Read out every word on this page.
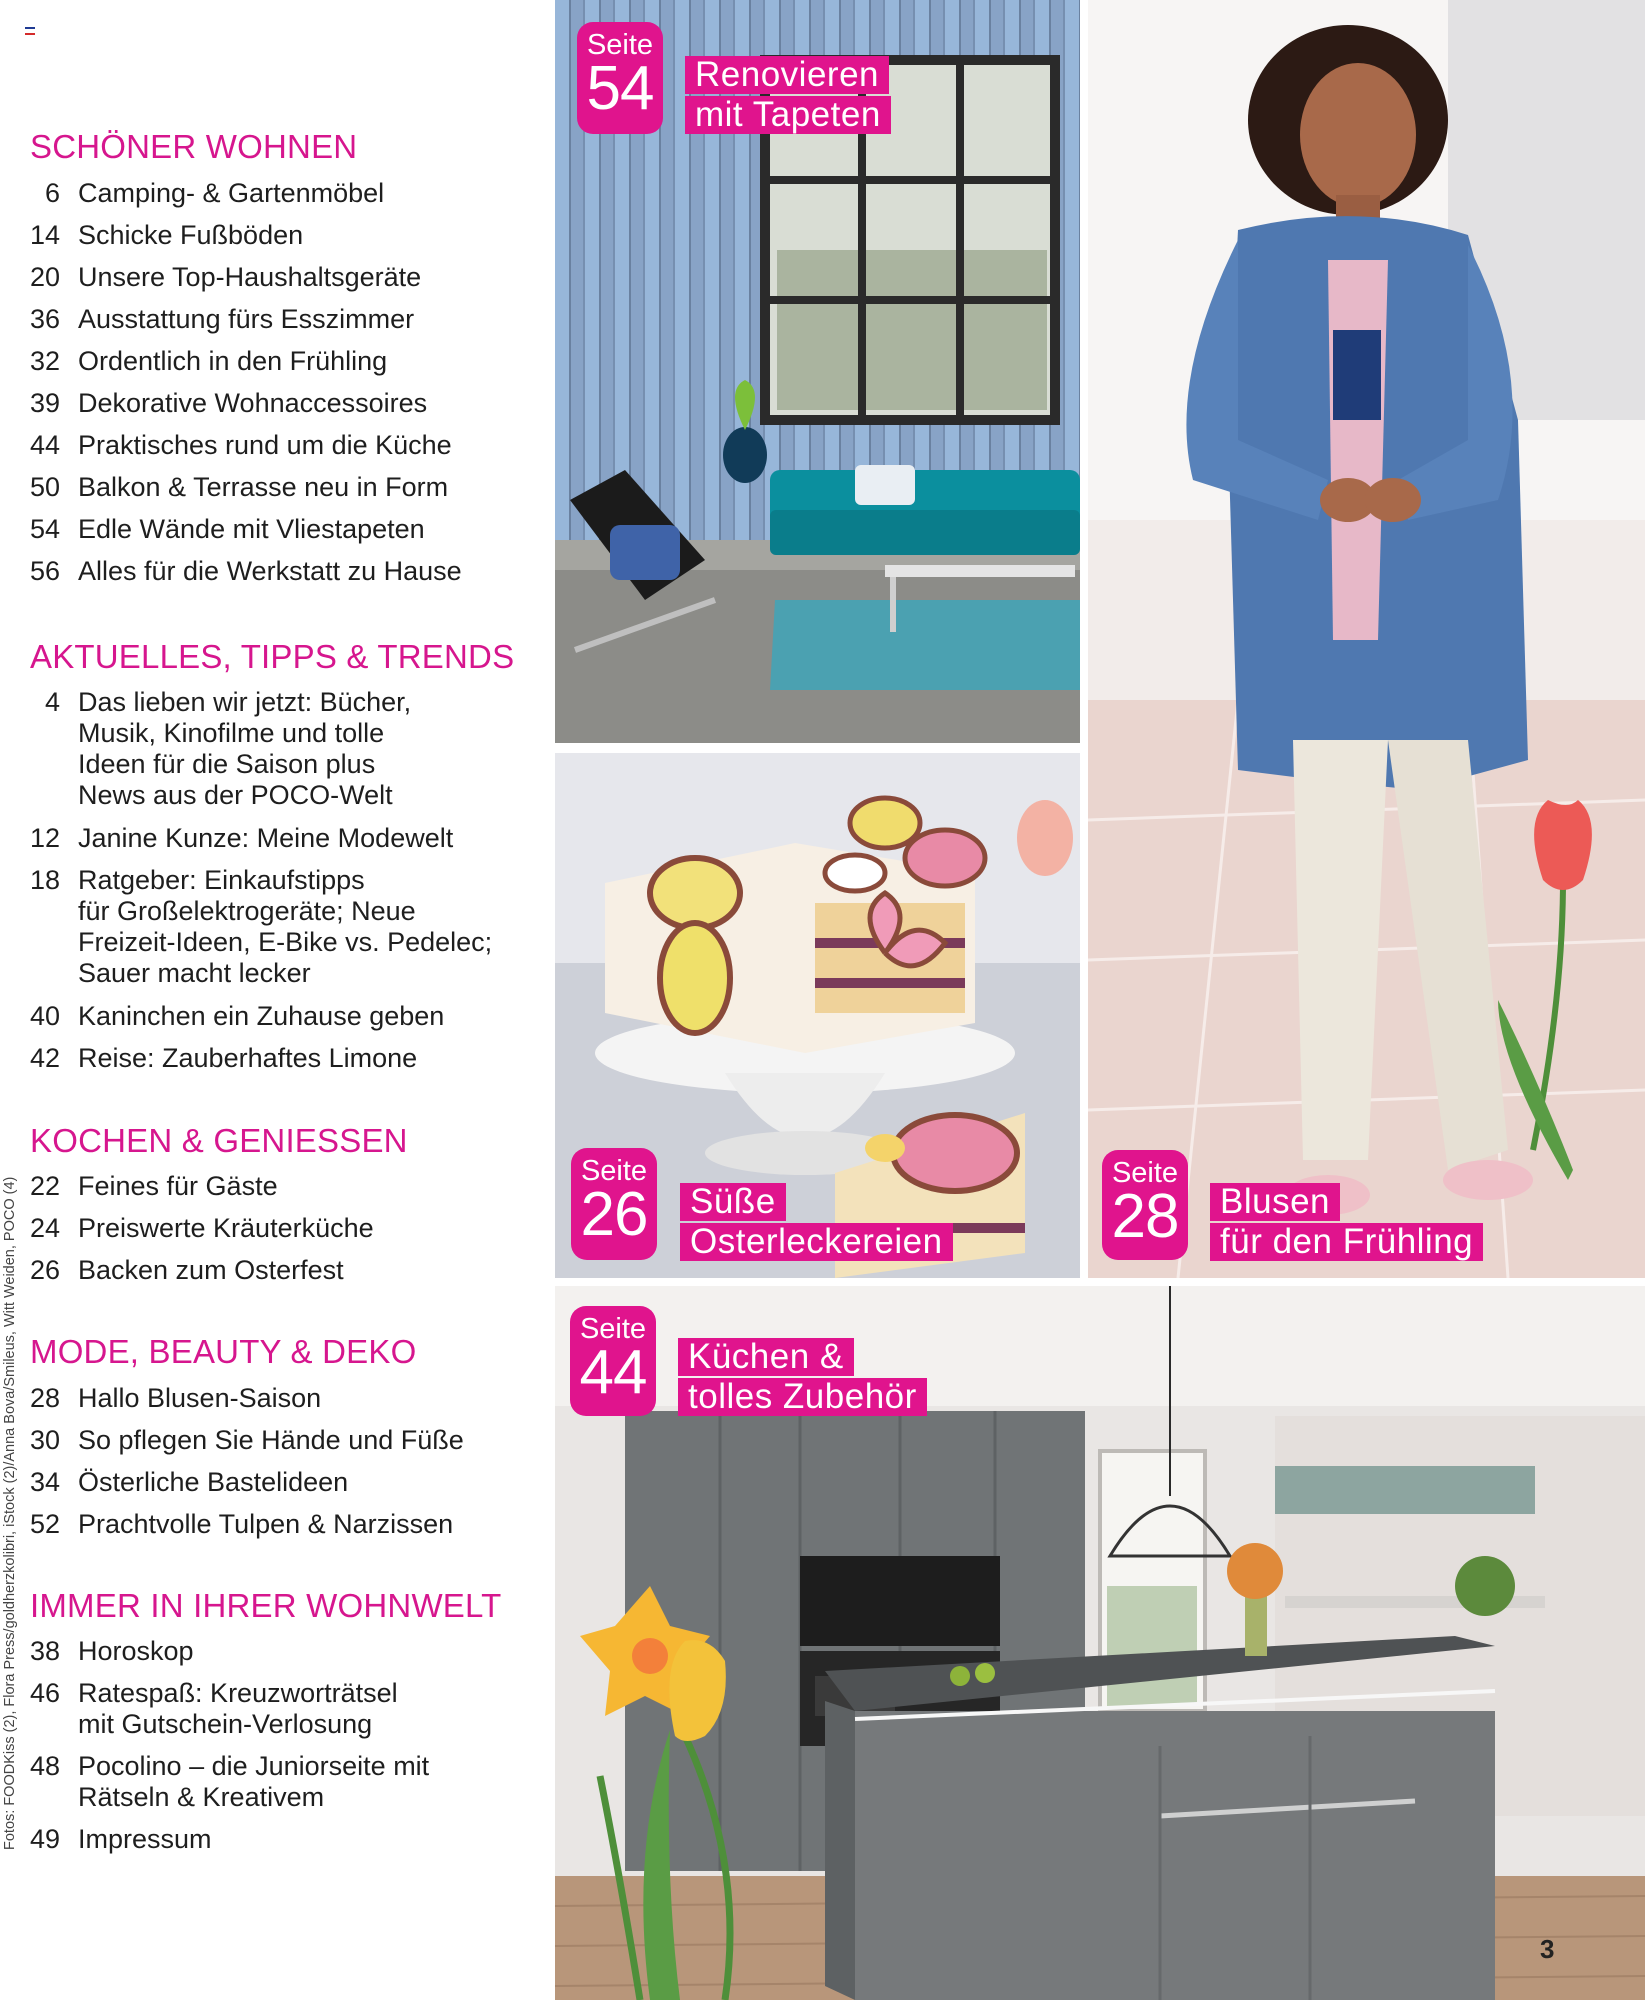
SCHÖNER WOHNEN
6 Camping- & Gartenmöbel
14 Schicke Fußböden
20 Unsere Top-Haushaltsgeräte
36 Ausstattung fürs Esszimmer
32 Ordentlich in den Frühling
39 Dekorative Wohnaccessoires
44 Praktisches rund um die Küche
50 Balkon & Terrasse neu in Form
54 Edle Wände mit Vliestapeten
56 Alles für die Werkstatt zu Hause
AKTUELLES, TIPPS & TRENDS
4 Das lieben wir jetzt: Bücher,
Musik, Kinofilme und tolle
Ideen für die Saison plus
News aus der POCO-Welt
12 Janine Kunze: Meine Modewelt
18 Ratgeber: Einkaufstipps
für Großelektrogeräte; Neue
Freizeit-Ideen, E-Bike vs. Pedelec;
Sauer macht lecker
40 Kaninchen ein Zuhause geben
42 Reise: Zauberhaftes Limone
KOCHEN & GENIESSEN
22 Feines für Gäste
24 Preiswerte Kräuterküche
26 Backen zum Osterfest
MODE, BEAUTY & DEKO
28 Hallo Blusen-Saison
30 So pflegen Sie Hände und Füße
34 Österliche Bastelideen
52 Prachtvolle Tulpen & Narzissen
IMMER IN IHRER WOHNWELT
38 Horoskop
46 Ratespaß: Kreuzworträtsel
mit Gutschein-Verlosung
48 Pocolino – die Juniorseite mit
Rätseln & Kreativem
49 Impressum
Fotos: FOODKiss (2), Flora Press/goldherzkolibri, iStock (2)/Anna Bova/Smileus, Witt Weiden, POCO (4)
Seite
54 Renovieren
mit Tapeten
Seite
26 Süße
Osterleckereien
Seite
28 Blusen
für den Frühling
Seite
44 Küchen &
tolles Zubehör
3
